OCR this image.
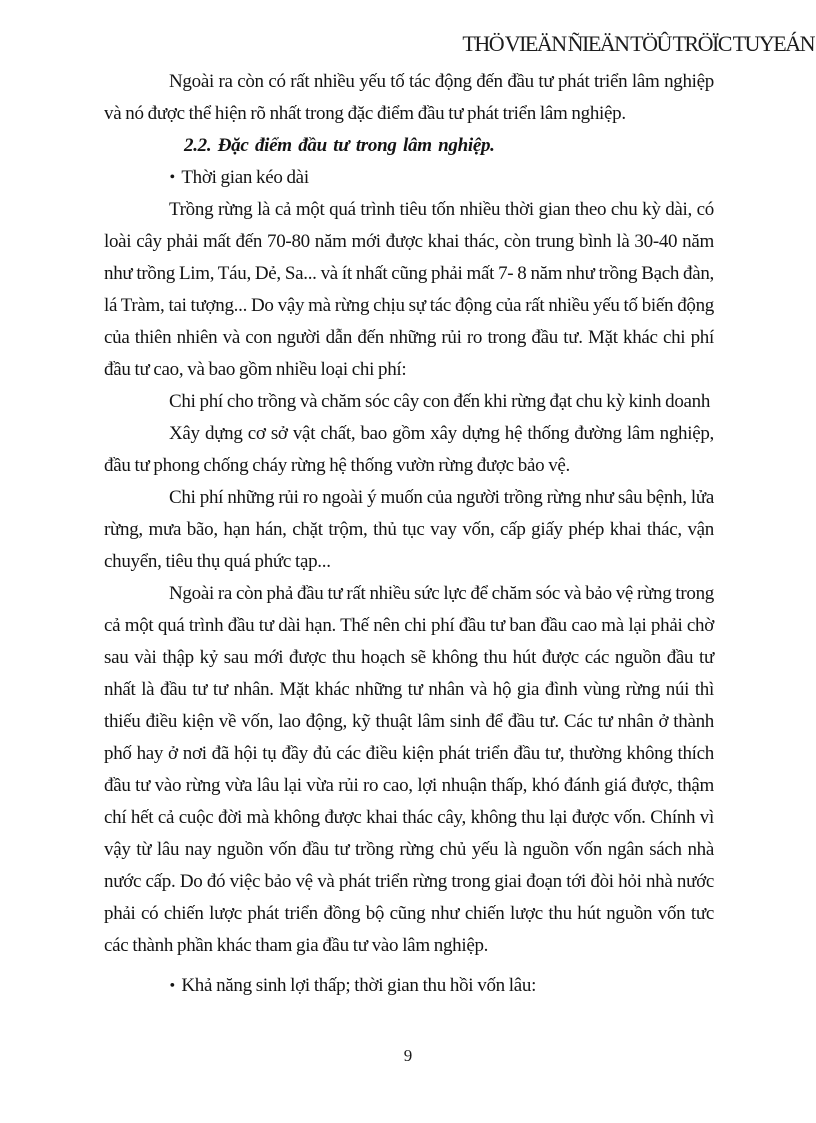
THÖ VIEÄN ÑIEÄN TÖÛ TRÖÏC TUYEÁN

Ngoài ra còn có rất nhiều yếu tố tác động đến đầu tư phát triển lâm nghiệp và nó được thể hiện rõ nhất trong đặc điểm đầu tư phát triển lâm nghiệp.

2.2. Đặc điểm đầu tư trong lâm nghiệp.

• Thời gian kéo dài

Trồng rừng là cả một quá trình tiêu tốn nhiều thời gian theo chu kỳ dài, có loài cây phải mất đến 70-80 năm mới được khai thác, còn trung bình là 30-40 năm như trồng Lim, Táu, Dẻ, Sa... và ít nhất cũng phải mất 7- 8 năm như trồng Bạch đàn, lá Tràm, tai tượng... Do vậy mà rừng chịu sự tác động của rất nhiều yếu tố biến động của thiên nhiên và con người dẫn đến những rủi ro trong đầu tư. Mặt khác chi phí đầu tư cao, và bao gồm nhiều loại chi phí:

Chi phí cho trồng và chăm sóc cây con đến khi rừng đạt chu kỳ kinh doanh

Xây dựng cơ sở vật chất, bao gồm xây dựng hệ thống đường lâm nghiệp, đầu tư phong chống cháy rừng hệ thống vườn rừng được bảo vệ.

Chi phí những rủi ro ngoài ý muốn của người trồng rừng như sâu bệnh, lửa rừng, mưa bão, hạn hán, chặt trộm, thủ tục vay vốn, cấp giấy phép khai thác, vận chuyển, tiêu thụ quá phức tạp...

Ngoài ra còn phả đầu tư rất nhiều sức lực để chăm sóc và bảo vệ rừng trong cả một quá trình đầu tư dài hạn. Thế nên chi phí đầu tư ban đầu cao mà lại phải chờ sau vài thập kỷ sau mới được thu hoạch sẽ không thu hút được các nguồn đầu tư nhất là đầu tư tư nhân. Mặt khác những tư nhân và hộ gia đình vùng rừng núi thì thiếu điều kiện về vốn, lao động, kỹ thuật lâm sinh để đầu tư. Các tư nhân ở thành phố hay ở nơi đã hội tụ đầy đủ các điều kiện phát triển đầu tư, thường không thích đầu tư vào rừng vừa lâu lại vừa rủi ro cao, lợi nhuận thấp, khó đánh giá được, thậm chí hết cả cuộc đời mà không được khai thác cây, không thu lại được vốn. Chính vì vậy từ lâu nay nguồn vốn đầu tư trồng rừng chủ yếu là nguồn vốn ngân sách nhà nước cấp. Do đó việc bảo vệ và phát triển rừng trong giai đoạn tới đòi hỏi nhà nước phải có chiến lược phát triển đồng bộ cũng như chiến lược thu hút nguồn vốn tưc các thành phần khác tham gia đầu tư vào lâm nghiệp.

• Khả năng sinh lợi thấp; thời gian thu hồi vốn lâu:

9
